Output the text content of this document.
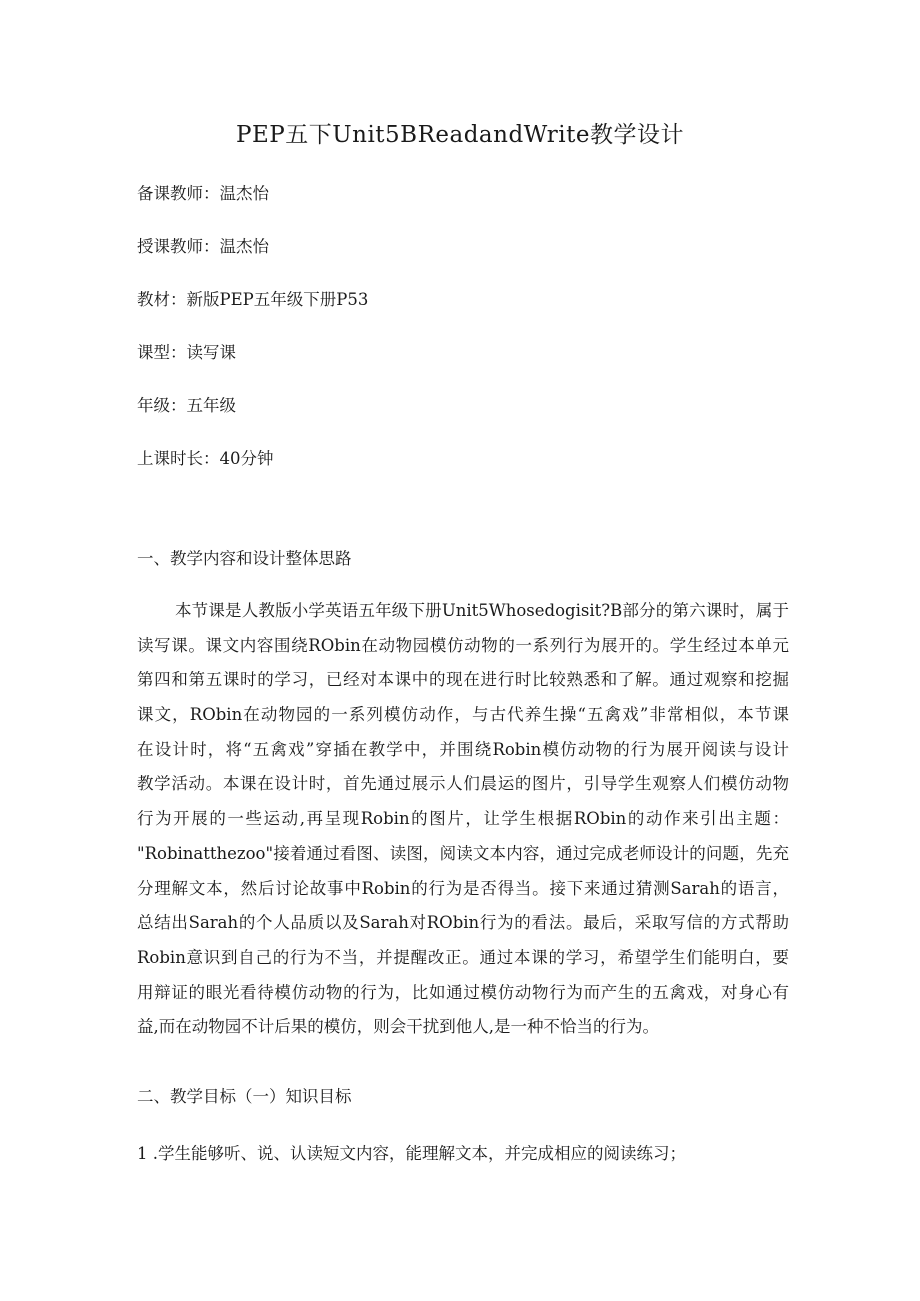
PEP五下Unit5BReadandWrite教学设计
备课教师：温杰怡
授课教师：温杰怡
教材：新版PEP五年级下册P53
课型：读写课
年级：五年级
上课时长：40分钟
一、教学内容和设计整体思路
本节课是人教版小学英语五年级下册Unit5Whosedogisit?B部分的第六课时，属于
读写课。课文内容围绕RObin在动物园模仿动物的一系列行为展开的。学生经过本单元
第四和第五课时的学习，已经对本课中的现在进行时比较熟悉和了解。通过观察和挖掘
课文，RObin在动物园的一系列模仿动作，与古代养生操“五禽戏”非常相似，本节课
在设计时，将“五禽戏”穿插在教学中，并围绕Robin模仿动物的行为展开阅读与设计
教学活动。本课在设计时，首先通过展示人们晨运的图片，引导学生观察人们模仿动物
行为开展的一些运动,再呈现Robin的图片，让学生根据RObin的动作来引出主题：
"Robinatthezoo"接着通过看图、读图，阅读文本内容，通过完成老师设计的问题，先充
分理解文本，然后讨论故事中Robin的行为是否得当。接下来通过猜测Sarah的语言，
总结出Sarah的个人品质以及Sarah对RObin行为的看法。最后，采取写信的方式帮助
Robin意识到自己的行为不当，并提醒改正。通过本课的学习，希望学生们能明白，要
用辩证的眼光看待模仿动物的行为，比如通过模仿动物行为而产生的五禽戏，对身心有
益,而在动物园不计后果的模仿，则会干扰到他人,是一种不恰当的行为。
二、教学目标（一）知识目标
1 .学生能够听、说、认读短文内容，能理解文本，并完成相应的阅读练习；
